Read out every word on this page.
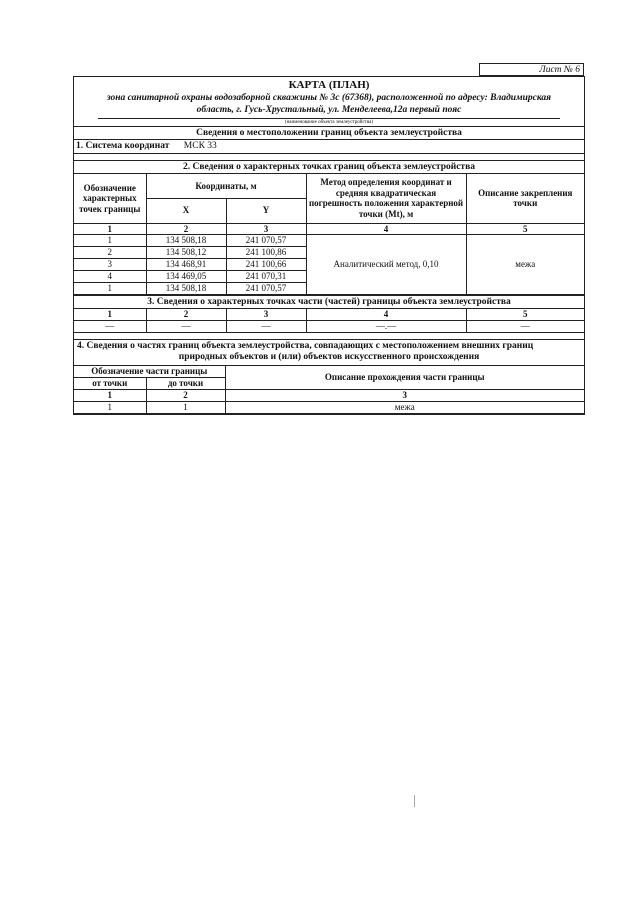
Лист № 6
КАРТА (ПЛАН)
зона санитарной охраны водозаборной скважины № 3с (67368), расположенной по адресу: Владимирская
область, г. Гусь-Хрустальный, ул. Менделеева,12а первый пояс
(наименование объекта землеустройства)
Сведения о местоположении границ объекта землеустройства
1. Система координат МСК 33
2. Сведения о характерных точках границ объекта землеустройства
Обозначение характерных точек границы	Координаты, м		Метод определения координат и средняя квадратическая погрешность положения характерной точки (Mt), м	Описание закрепления точки
	X	Y		
1	2	3	4	5
1	134 508,18	241 070,57	Аналитический метод, 0,10	межа
2	134 508,12	241 100,86		
3	134 468,91	241 100,66		
4	134 469,05	241 070,31		
1	134 508,18	241 070,57		
3. Сведения о характерных точках части (частей) границы объекта землеустройства
1	2	3	4	5
—	—	—	—.—	—
4. Сведения о частях границ объекта землеустройства, совпадающих с местоположением внешних границ
природных объектов и (или) объектов искусственного происхождения
Обозначение части границы		Описание прохождения части границы
от точки	до точки	
1	2	3
1	1	межа
